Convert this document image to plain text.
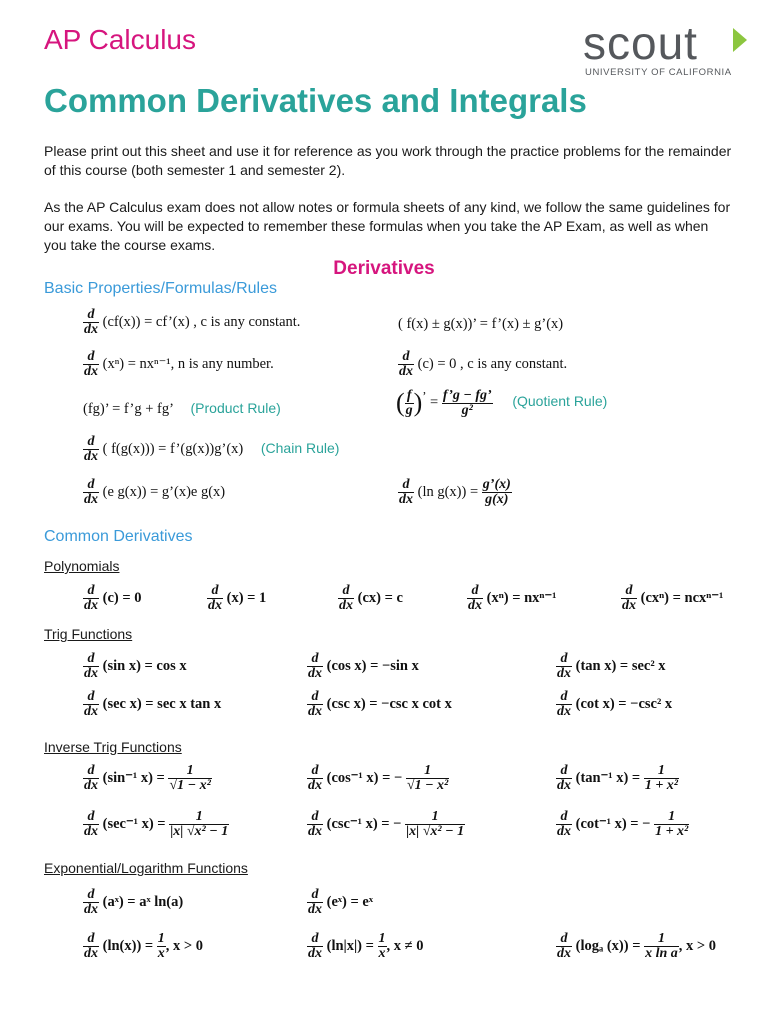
AP Calculus	scout
UNIVERSITY OF CALIFORNIA
Common Derivatives and Integrals
Please print out this sheet and use it for reference as you work through the practice problems for the remainder of this course (both semester 1 and semester 2).
As the AP Calculus exam does not allow notes or formula sheets of any kind, we follow the same guidelines for our exams. You will be expected to remember these formulas when you take the AP Exam, as well as when you take the course exams.
Derivatives
Basic Properties/Formulas/Rules
$\frac{d}{dx} (cf(x))$ = cf’(x) , c is any constant.	( f(x) ± g(x))’ = f’(x) ± g’(x)
$\frac{d}{dx} (x^n) = nx^{n-1}$, n is any number.	$\frac{d}{dx} (c) = 0$ , c is any constant.
(fg)’ = f’g + fg’ (Product Rule)	( $\frac{f}{g} )^’ = \frac{f’g - fg’}{\text{g²}}$ (Quotient Rule)
$\frac{d}{dx}$ ( f(g(x))) = f’(g(x))g’(x) (Chain Rule)
$\frac{d}{dx} (e$ g(x)) = g’(x)e g(x)	$\frac{d}{dx} (\ln$ $g(x)) = \frac{g’(x)}{g(x)}$
Common Derivatives
Polynomials
$\frac{d}{dx} (c) = 0$	$\frac{d}{dx} (x) = 1$	$\frac{d}{dx} (cx) = c$	$\frac{d}{dx} (x^n) = nx^{n-1}$	$\frac{d}{dx} (cx^n) = ncx^{n-1}$
Trig Functions
$\frac{d}{dx} (\sin$ x) = cos x	$\frac{d}{dx} (\cos$ x) = −sin x	$\frac{d}{dx} (\tan$ x) = sec² x
$\frac{d}{dx} (\sec$ x) = sec x tan x	$\frac{d}{dx} (\csc$ x) = −csc x cot x	$\frac{d}{dx} (\cot$ x) = −csc² x
Inverse Trig Functions
$\frac{d}{dx} (\sin^{-1}$ $x) = \frac{1}{\text{√1 − x²}}$	$\frac{d}{dx} (\cos^{-1}$ x) = − $\frac{1}{\text{√1 − x²}}$	$\frac{d}{dx} (\tan^{-1}$ $x) = \frac{1}{\text{1 + x²}}$
$\frac{d}{dx} (\sec^{-1}$ $x) = \frac{1}{\text{|x| √x² − 1}}$	$\frac{d}{dx} (\csc^{-1}$ x) = − $\frac{1}{\text{|x| √x² − 1}}$	$\frac{d}{dx} (\cot^{-1}$ x) = − $\frac{1}{\text{1 + x²}}$
Exponential/Logarithm Functions
$\frac{d}{dx}$ (aˣ) = aˣ ln(a)	$\frac{d}{dx}$ (eˣ) = eˣ
$\frac{d}{dx} (\ln(x)) = \frac{1}{x}$ , x > 0	$\frac{d}{dx} (\ln|x|) = \frac{1}{x}$ , x ≠ 0	$\frac{d}{dx} (\log_a$ $(x)) = \frac{1}{\text{x ln a}}$ , x > 0
